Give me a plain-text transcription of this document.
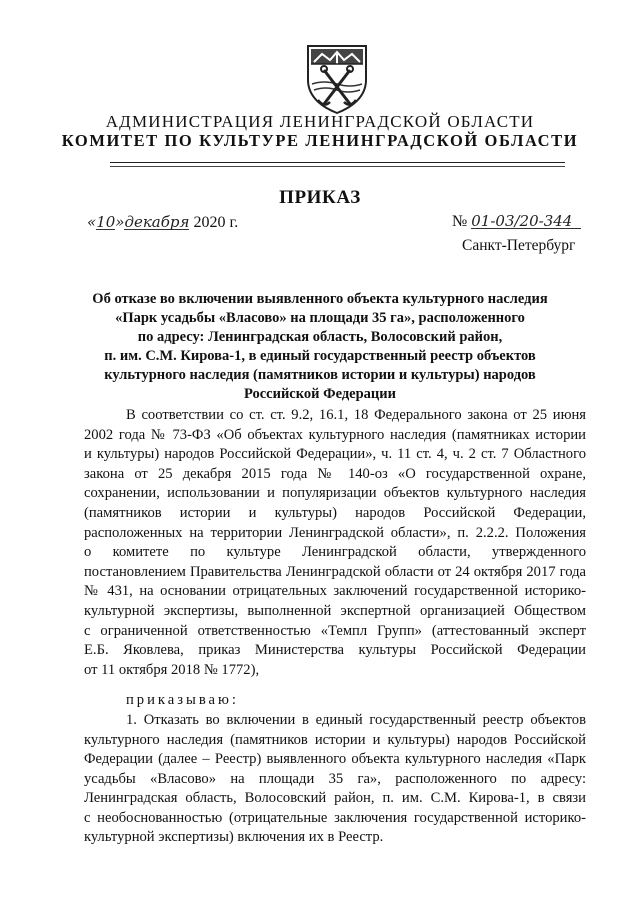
АДМИНИСТРАЦИЯ ЛЕНИНГРАДСКОЙ ОБЛАСТИ
КОМИТЕТ ПО КУЛЬТУРЕ ЛЕНИНГРАДСКОЙ ОБЛАСТИ
ПРИКАЗ
«10»декабря 2020 г.	№ 01-03/20-344
Санкт-Петербург
Об отказе во включении выявленного объекта культурного наследия
«Парк усадьбы «Власово» на площади 35 га», расположенного
по адресу: Ленинградская область, Волосовский район,
п. им. С.М. Кирова-1, в единый государственный реестр объектов
культурного наследия (памятников истории и культуры) народов
Российской Федерации
В соответствии со ст. ст. 9.2, 16.1, 18 Федерального закона от 25 июня
2002 года № 73-ФЗ «Об объектах культурного наследия (памятниках истории
и культуры) народов Российской Федерации», ч. 11 ст. 4, ч. 2 ст. 7 Областного
закона от 25 декабря 2015 года № 140-оз «О государственной охране,
сохранении, использовании и популяризации объектов культурного наследия
(памятников истории и культуры) народов Российской Федерации,
расположенных на территории Ленинградской области», п. 2.2.2. Положения
о комитете по культуре Ленинградской области, утвержденного
постановлением Правительства Ленинградской области от 24 октября 2017 года
№ 431, на основании отрицательных заключений государственной историко-
культурной экспертизы, выполненной экспертной организацией Обществом
с ограниченной ответственностью «Темпл Групп» (аттестованный эксперт
Е.Б. Яковлева, приказ Министерства культуры Российской Федерации
от 11 октября 2018 № 1772),
приказываю:
1. Отказать во включении в единый государственный реестр объектов
культурного наследия (памятников истории и культуры) народов Российской
Федерации (далее – Реестр) выявленного объекта культурного наследия «Парк
усадьбы «Власово» на площади 35 га», расположенного по адресу:
Ленинградская область, Волосовский район, п. им. С.М. Кирова-1, в связи
с необоснованностью (отрицательные заключения государственной историко-
культурной экспертизы) включения их в Реестр.
